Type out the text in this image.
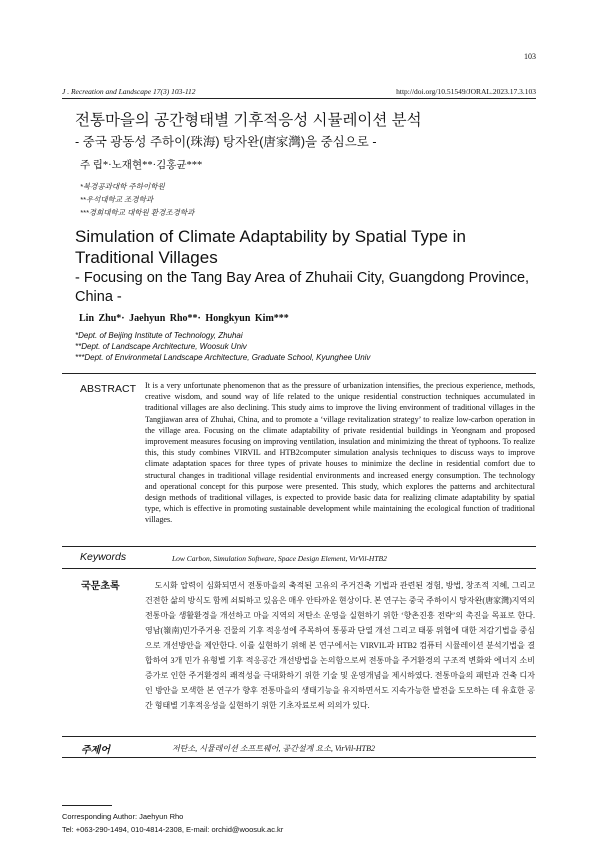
103
J . Recreation and Landscape 17(3) 103-112	http://doi.org/10.51549/JORAL.2023.17.3.103
전통마을의 공간형태별 기후적응성 시뮬레이션 분석
- 중국 광동성 주하이(珠海) 탕자완(唐家灣)을 중심으로 -
주 립*·노재현**·김홍균***
*북경공과대학 주하이학원
**우석대학교 조경학과
***경희대학교 대학원 환경조경학과
Simulation of Climate Adaptability by Spatial Type in Traditional Villages
- Focusing on the Tang Bay Area of Zhuhaii City, Guangdong Province, China -
Lin Zhu*· Jaehyun Rho**· Hongkyun Kim***
*Dept. of Beijing Institute of Technology, Zhuhai
**Dept. of Landscape Architecture, Woosuk Univ
***Dept. of Environmetal Landscape Architecture, Graduate School, Kyunghee Univ
ABSTRACT It is a very unfortunate phenomenon that as the pressure of urbanization intensifies, the precious experience, methods, creative wisdom, and sound way of life related to the unique residential construction techniques accumulated in traditional villages are also declining. This study aims to improve the living environment of traditional villages in the Tangjiawan area of Zhuhai, China, and to promote a ‘village revitalization strategy’ to realize low-carbon operation in the village area. Focusing on the climate adaptability of private residential buildings in Yeongnam and proposed improvement measures focusing on improving ventilation, insulation and minimizing the threat of typhoons. To realize this, this study combines VIRVIL and HTB2computer simulation analysis techniques to discuss ways to improve climate adaptation spaces for three types of private houses to minimize the decline in residential comfort due to structural changes in traditional village residential environments and increased energy consumption. The technology and operational concept for this purpose were presented. This study, which explores the patterns and architectural design methods of traditional villages, is expected to provide basic data for realizing climate adaptability by spatial type, which is effective in promoting sustainable development while maintaining the ecological function of traditional villages.
Keywords	Low Carbon, Simulation Software, Space Design Element, VirVil-HTB2
국문초록	도시화 압력이 심화되면서 전통마을의 축적된 고유의 주거건축 기법과 관련된 경험, 방법, 창조적 지혜, 그리고 건전한 삶의 방식도 함께 쇠퇴하고 있음은 매우 안타까운 현상이다. 본 연구는 중국 주하이시 탕자완(唐家灣)지역의 전통마을 생활환경을 개선하고 마을 지역의 저탄소 운영을 실현하기 위한 ‘향촌진흥 전략’의 촉진을 목표로 한다. 영남(嶺南)민가주거용 건물의 기후 적응성에 주목하여 통풍과 단열 개선 그리고 태풍 위협에 대한 저감기법을 중심으로 개선방안을 제안한다. 이를 실현하기 위해 본 연구에서는 VIRVIL과 HTB2 컴퓨터 시뮬레이션 분석기법을 결합하여 3개 민가 유형별 기후 적응공간 개선방법을 논의함으로써 전통마을 주거환경의 구조적 변화와 에너지 소비 증가로 인한 주거환경의 쾌적성을 극대화하기 위한 기술 및 운영개념을 제시하였다. 전통마을의 패턴과 건축 디자인 방안을 모색한 본 연구가 향후 전통마을의 생태기능을 유지하면서도 지속가능한 발전을 도모하는 데 유효한 공간 형태별 기후적응성을 실현하기 위한 기초자료로써 의의가 있다.
주제어	저탄소, 시뮬레이션 소프트웨어, 공간설계 요소, VirVil-HTB2
Corresponding Author: Jaehyun Rho
Tel: +063-290-1494, 010-4814-2308, E-mail: orchid@woosuk.ac.kr
